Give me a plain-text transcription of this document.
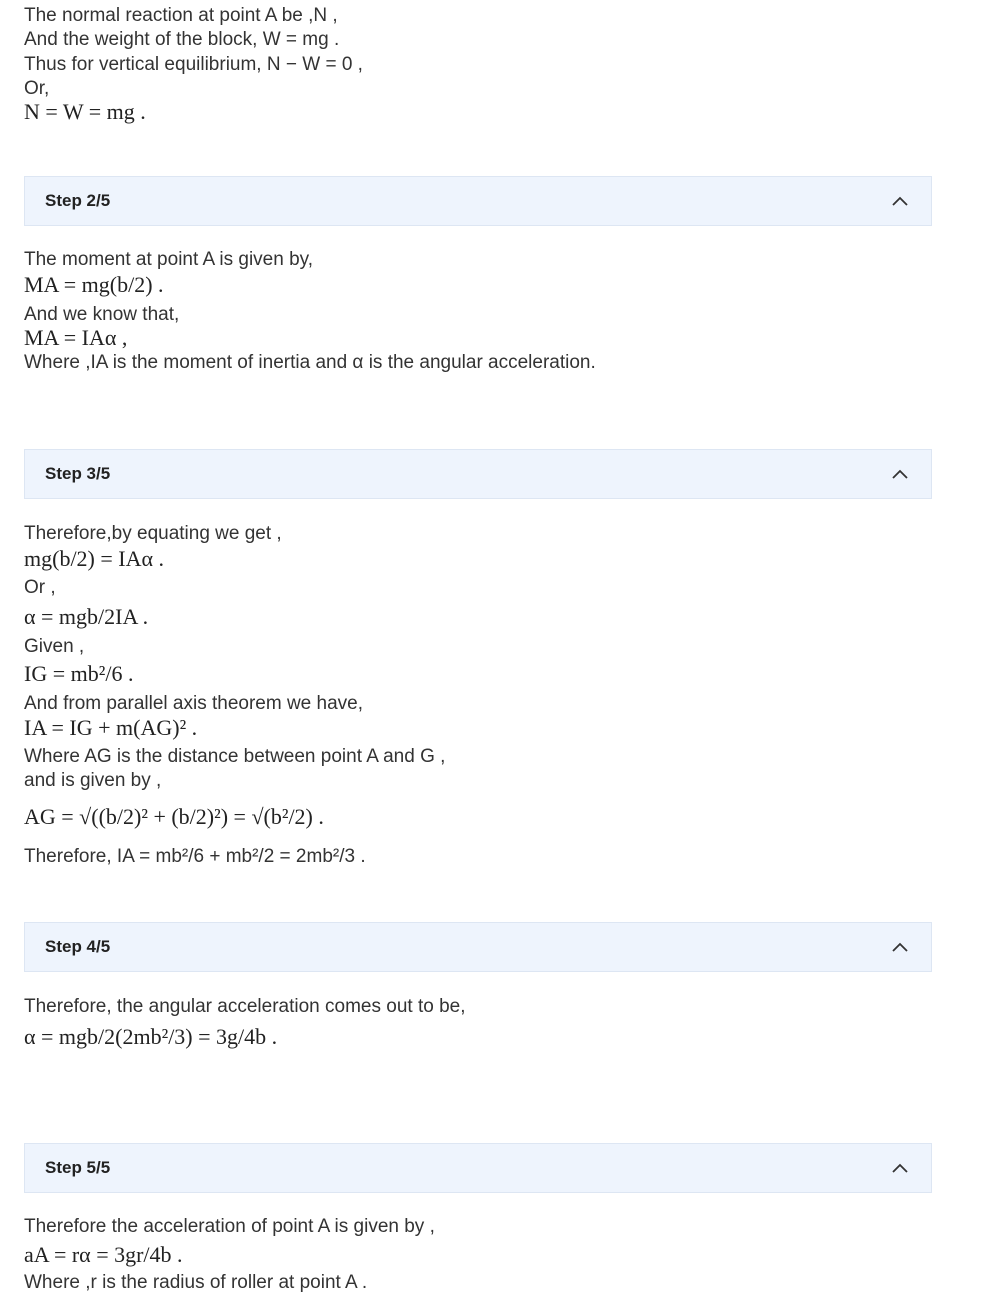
The normal reaction at point A be ,N ,
And the weight of the block, W = mg .
Thus for vertical equilibrium, N − W = 0 ,
Or,
N = W = mg .
Step 2/5
The moment at point A is given by,
MA = mg(b/2) .
And we know that,
MA = IAα ,
Where ,IA is the moment of inertia and α is the angular acceleration.
Step 3/5
Therefore,by equating we get ,
mg(b/2) = IAα .
Or ,
α = mgb/2IA .
Given ,
IG = mb²/6 .
And from parallel axis theorem we have,
IA = IG + m(AG)² .
Where AG is the distance between point A and G ,
and is given by ,
AG = √((b/2)² + (b/2)²) = √(b²/2) .
Therefore, IA = mb²/6 + mb²/2 = 2mb²/3 .
Step 4/5
Therefore, the angular acceleration comes out to be,
α = mgb/2(2mb²/3) = 3g/4b .
Step 5/5
Therefore the acceleration of point A is given by ,
aA = rα = 3gr/4b .
Where ,r is the radius of roller at point A .
